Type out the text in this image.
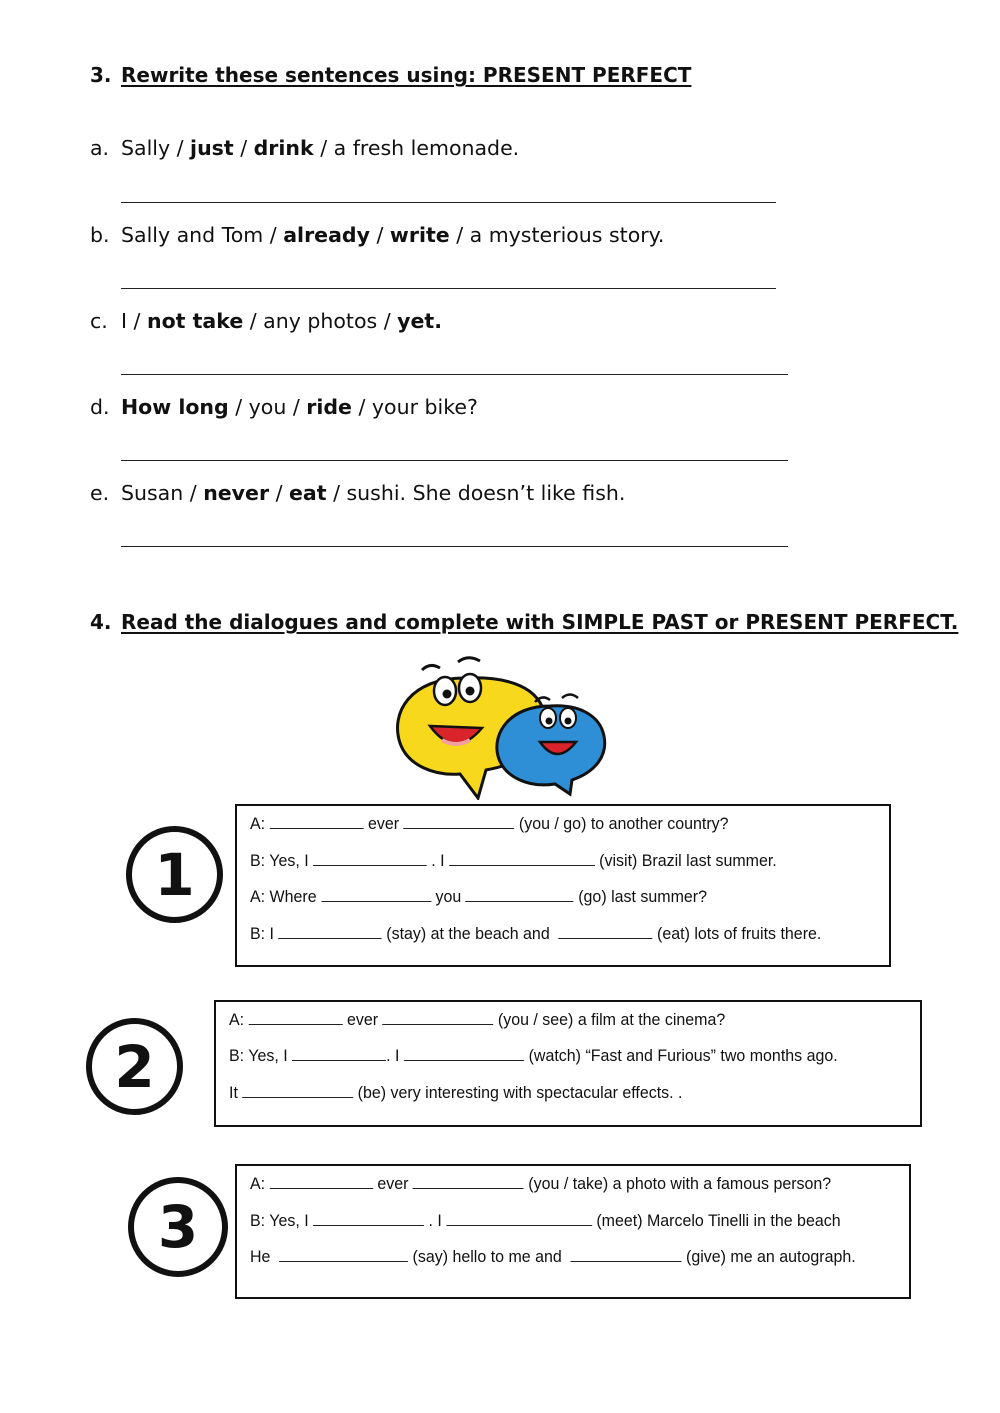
3. Rewrite these sentences using: PRESENT PERFECT
a. Sally / just / drink / a fresh lemonade.
b. Sally and Tom / already / write / a mysterious story.
c. I / not take / any photos / yet.
d. How long / you / ride / your bike?
e. Susan / never / eat / sushi. She doesn’t like fish.
4. Read the dialogues and complete with SIMPLE PAST or PRESENT PERFECT.
1
2
3
A:	ever	(you / go) to another country?
B: Yes, I	. I	(visit) Brazil last summer.
A: Where	you	(go) last summer?
B: I	(stay) at the beach and	(eat) lots of fruits there.
A:	ever	(you / see) a film at the cinema?
B: Yes, I	. I	(watch) “Fast and Furious” two months ago.
It	(be) very interesting with spectacular effects. .
A:	ever	(you / take) a photo with a famous person?
B: Yes, I	. I	(meet) Marcelo Tinelli in the beach
He	(say) hello to me and	(give) me an autograph.
